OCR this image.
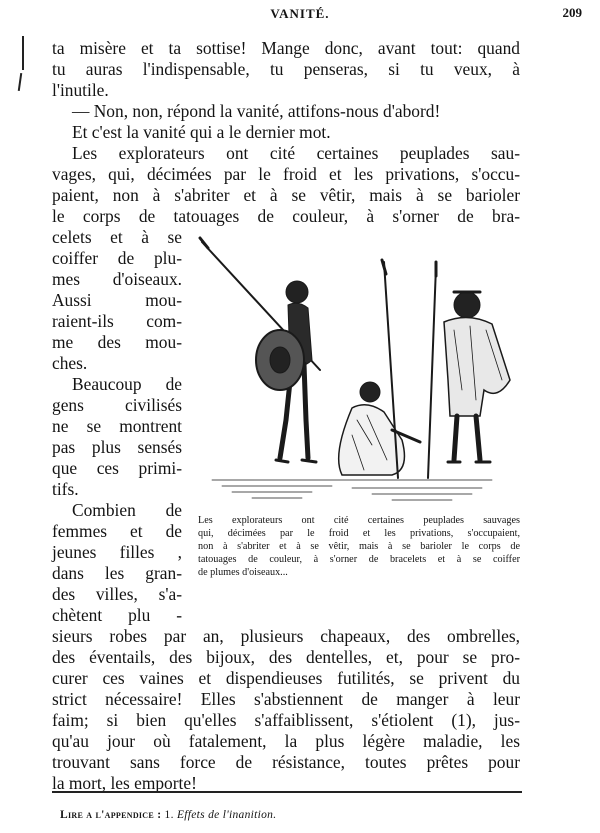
VANITÉ.	209
ta misère et ta sottise! Mange donc, avant tout: quand
tu auras l'indispensable, tu penseras, si tu veux, à
l'inutile.
— Non, non, répond la vanité, attifons-nous d'abord!
Et c'est la vanité qui a le dernier mot.
Les explorateurs ont cité certaines peuplades sau-
vages, qui, décimées par le froid et les privations, s'occu-
paient, non à s'abriter et à se vêtir, mais à se barioler
le corps de tatouages de couleur, à s'orner de bra-
celets et à se
coiffer de plu-
mes d'oiseaux.
Aussi mou-
raient-ils com-
me des mou-
ches.
Beaucoup de
gens civilisés
ne se montrent
pas plus sensés
que ces primi-
tifs.
Combien de
femmes et de
jeunes filles ,
dans les gran-
des villes, s'a-
chètent plu -
Les explorateurs ont cité certaines peuplades sauvages
qui, décimées par le froid et les privations, s'occupaient,
non à s'abriter et à se vêtir, mais à se barioler le corps de
tatouages de couleur, à s'orner de bracelets et à se coiffer
de plumes d'oiseaux...
sieurs robes par an, plusieurs chapeaux, des ombrelles,
des éventails, des bijoux, des dentelles, et, pour se pro-
curer ces vaines et dispendieuses futilités, se privent du
strict nécessaire! Elles s'abstiennent de manger à leur
faim; si bien qu'elles s'affaiblissent, s'étiolent (1), jus-
qu'au jour où fatalement, la plus légère maladie, les
trouvant sans force de résistance, toutes prêtes pour
la mort, les emporte!
Lire a l'appendice : 1. Effets de l'inanition.
